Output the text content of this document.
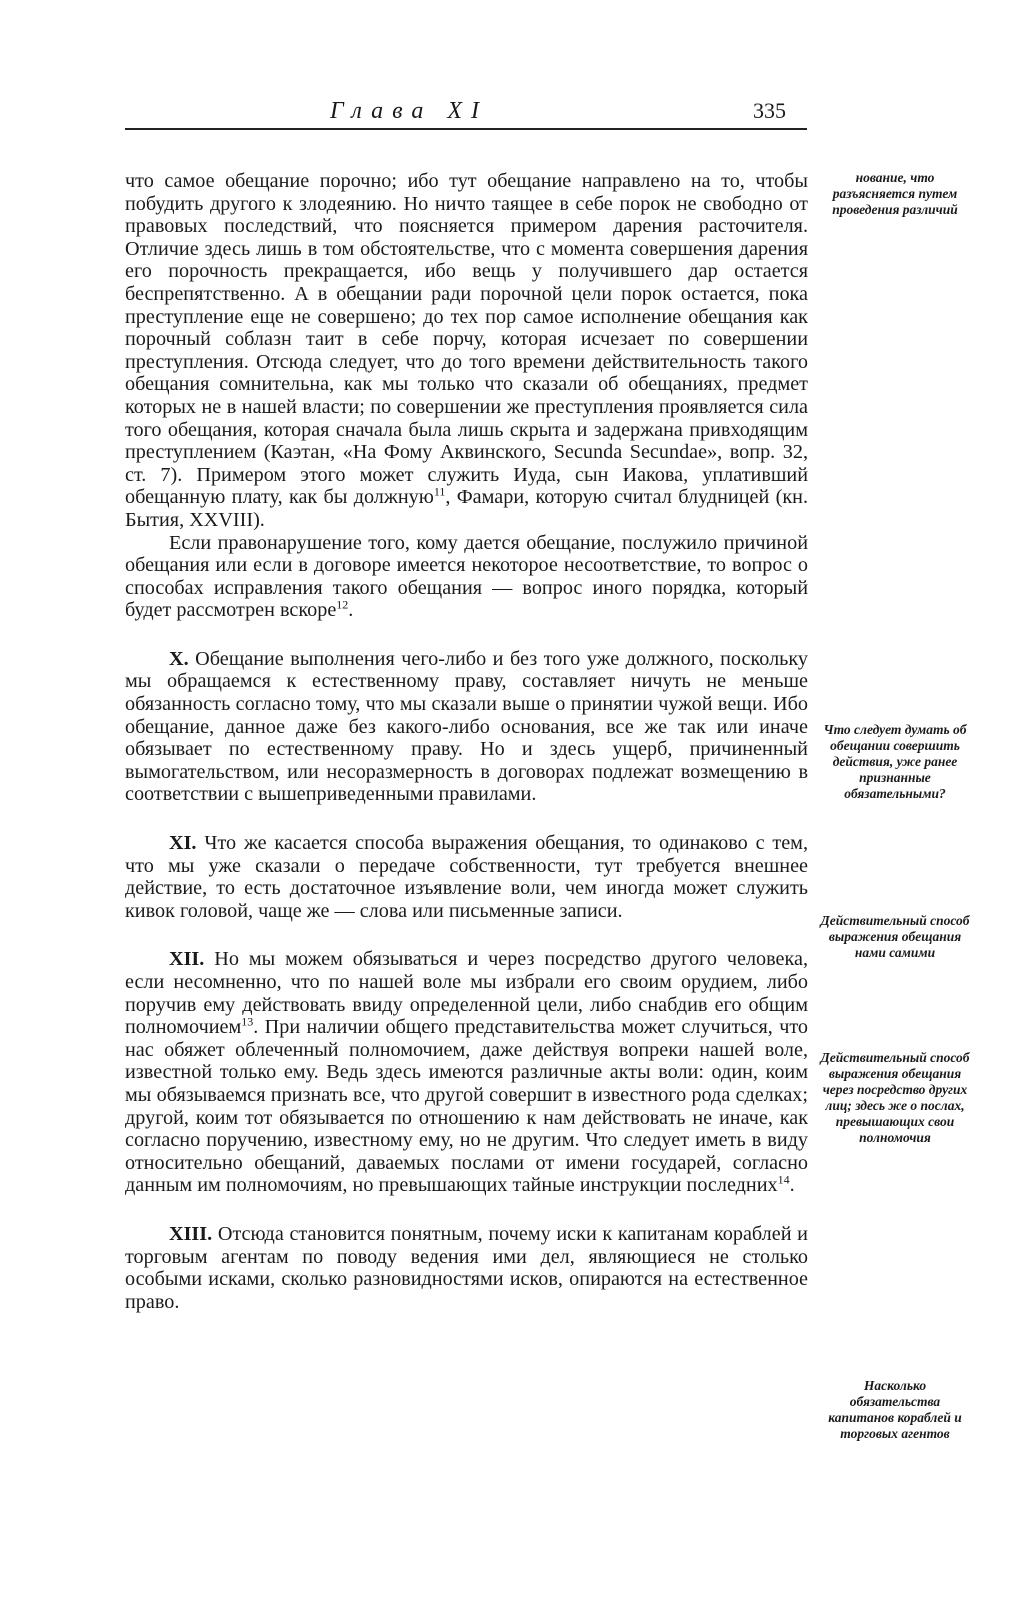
Глава XI	335

что самое обещание порочно; ибо тут обещание направлено на то, чтобы побудить другого к злодеянию. Но ничто таящее в себе порок не свободно от правовых последствий, что поясняется примером дарения расточителя. Отличие здесь лишь в том обстоятельстве, что с момента совершения дарения его порочность прекращается, ибо вещь у получившего дар остается беспрепятственно. А в обещании ради порочной цели порок остается, пока преступление еще не совершено; до тех пор самое исполнение обещания как порочный соблазн таит в себе порчу, которая исчезает по совершении преступления. Отсюда следует, что до того времени действительность такого обещания сомнительна, как мы только что сказали об обещаниях, предмет которых не в нашей власти; по совершении же преступления проявляется сила того обещания, которая сначала была лишь скрыта и задержана привходящим преступлением (Каэтан, «На Фому Аквинского, Secunda Secundae», вопр. 32, ст. 7). Примером этого может служить Иуда, сын Иакова, уплативший обещанную плату, как бы должную$^{11}$, Фамари, которую считал блудницей (кн. Бытия, XXVIII).

Если правонарушение того, кому дается обещание, послужило причиной обещания или если в договоре имеется некоторое несоответствие, то вопрос о способах исправления такого обещания — вопрос иного порядка, который будет рассмотрен вскоре$^{12}$.

X. Обещание выполнения чего-либо и без того уже должного, поскольку мы обращаемся к естественному праву, составляет ничуть не меньше обязанность согласно тому, что мы сказали выше о принятии чужой вещи. Ибо обещание, данное даже без какого-либо основания, все же так или иначе обязывает по естественному праву. Но и здесь ущерб, причиненный вымогательством, или несоразмерность в договорах подлежат возмещению в соответствии с вышеприведенными правилами.

XI. Что же касается способа выражения обещания, то одинаково с тем, что мы уже сказали о передаче собственности, тут требуется внешнее действие, то есть достаточное изъявление воли, чем иногда может служить кивок головой, чаще же — слова или письменные записи.

XII. Но мы можем обязываться и через посредство другого человека, если несомненно, что по нашей воле мы избрали его своим орудием, либо поручив ему действовать ввиду определенной цели, либо снабдив его общим полномочием$^{13}$. При наличии общего представительства может случиться, что нас обяжет облеченный полномочием, даже действуя вопреки нашей воле, известной только ему. Ведь здесь имеются различные акты воли: один, коим мы обязываемся признать все, что другой совершит в известного рода сделках; другой, коим тот обязывается по отношению к нам действовать не иначе, как согласно поручению, известному ему, но не другим. Что следует иметь в виду относительно обещаний, даваемых послами от имени государей, согласно данным им полномочиям, но превышающих тайные инструкции последних$^{14}$.

XIII. Отсюда становится понятным, почему иски к капитанам кораблей и торговым агентам по поводу ведения ими дел, являющиеся не столько особыми исками, сколько разновидностями исков, опираются на естественное право.

нование, что разъясняется путем проведения различий
Что следует думать об обещании совершить действия, уже ранее признанные обязательными?
Действительный способ выражения обещания нами самими
Действительный способ выражения обещания через посредство других лиц; здесь же о послах, превышающих свои полномочия
Насколько обязательства капитанов кораблей и торговых агентов
